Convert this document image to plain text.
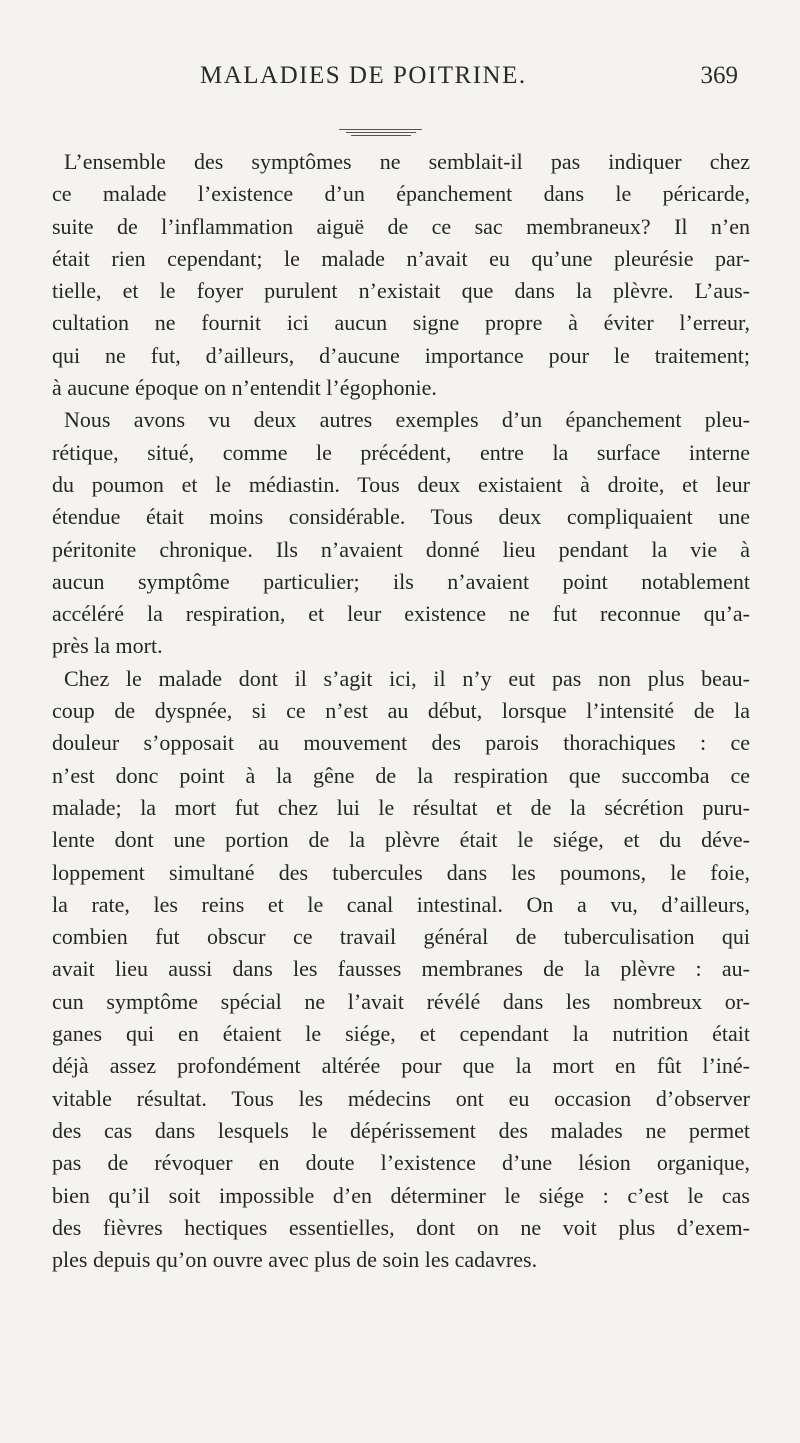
MALADIES DE POITRINE.	369

L’ensemble des symptômes ne semblait-il pas indiquer chez
ce malade l’existence d’un épanchement dans le péricarde,
suite de l’inflammation aiguë de ce sac membraneux? Il n’en
était rien cependant; le malade n’avait eu qu’une pleurésie par-
tielle, et le foyer purulent n’existait que dans la plèvre. L’aus-
cultation ne fournit ici aucun signe propre à éviter l’erreur,
qui ne fut, d’ailleurs, d’aucune importance pour le traitement;
à aucune époque on n’entendit l’égophonie.

Nous avons vu deux autres exemples d’un épanchement pleu-
rétique, situé, comme le précédent, entre la surface interne
du poumon et le médiastin. Tous deux existaient à droite, et leur
étendue était moins considérable. Tous deux compliquaient une
péritonite chronique. Ils n’avaient donné lieu pendant la vie à
aucun symptôme particulier; ils n’avaient point notablement
accéléré la respiration, et leur existence ne fut reconnue qu’a-
près la mort.

Chez le malade dont il s’agit ici, il n’y eut pas non plus beau-
coup de dyspnée, si ce n’est au début, lorsque l’intensité de la
douleur s’opposait au mouvement des parois thorachiques : ce
n’est donc point à la gêne de la respiration que succomba ce
malade; la mort fut chez lui le résultat et de la sécrétion puru-
lente dont une portion de la plèvre était le siége, et du déve-
loppement simultané des tubercules dans les poumons, le foie,
la rate, les reins et le canal intestinal. On a vu, d’ailleurs,
combien fut obscur ce travail général de tuberculisation qui
avait lieu aussi dans les fausses membranes de la plèvre : au-
cun symptôme spécial ne l’avait révélé dans les nombreux or-
ganes qui en étaient le siége, et cependant la nutrition était
déjà assez profondément altérée pour que la mort en fût l’iné-
vitable résultat. Tous les médecins ont eu occasion d’observer
des cas dans lesquels le dépérissement des malades ne permet
pas de révoquer en doute l’existence d’une lésion organique,
bien qu’il soit impossible d’en déterminer le siége : c’est le cas
des fièvres hectiques essentielles, dont on ne voit plus d’exem-
ples depuis qu’on ouvre avec plus de soin les cadavres.
